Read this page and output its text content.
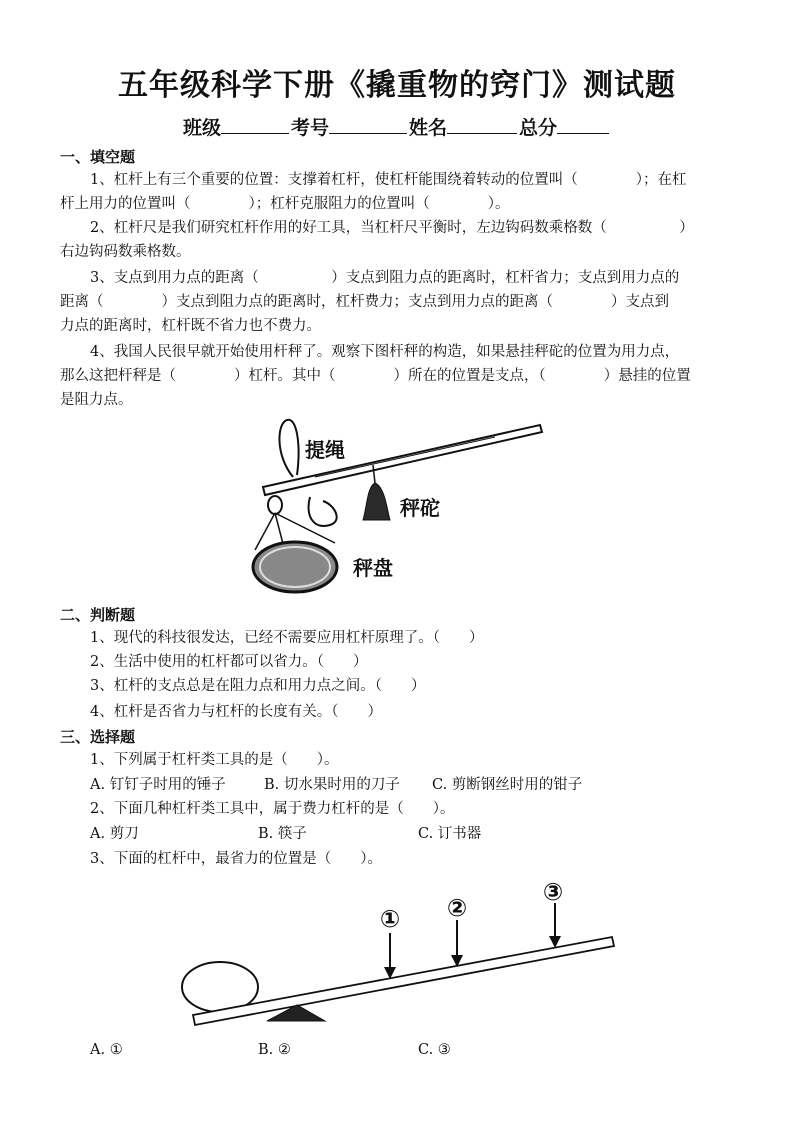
五年级科学下册《撬重物的窍门》测试题
班级	考号	姓名	总分
一、填空题
1、杠杆上有三个重要的位置：支撑着杠杆，使杠杆能围绕着转动的位置叫（　　　　）；在杠
杆上用力的位置叫（　　　　）；杠杆克服阻力的位置叫（　　　　）。
2、杠杆尺是我们研究杠杆作用的好工具，当杠杆尺平衡时，左边钩码数乘格数（　　　　　）
右边钩码数乘格数。
3、支点到用力点的距离（　　　　　）支点到阻力点的距离时，杠杆省力；支点到用力点的
距离（　　　　）支点到阻力点的距离时，杠杆费力；支点到用力点的距离（　　　　）支点到
力点的距离时，杠杆既不省力也不费力。
4、我国人民很早就开始使用杆秤了。观察下图杆秤的构造，如果悬挂秤砣的位置为用力点，
那么这把杆秤是（　　　　）杠杆。其中（　　　　）所在的位置是支点，（　　　　）悬挂的位置
是阻力点。
提绳
秤砣
秤盘
二、判断题
1、现代的科技很发达，已经不需要应用杠杆原理了。（　　）
2、生活中使用的杠杆都可以省力。（　　）
3、杠杆的支点总是在阻力点和用力点之间。（　　）
4、杠杆是否省力与杠杆的长度有关。（　　）
三、选择题
1、下列属于杠杆类工具的是（　　）。
A. 钉钉子时用的锤子	B. 切水果时用的刀子	C. 剪断钢丝时用的钳子
2、下面几种杠杆类工具中，属于费力杠杆的是（　　）。
A. 剪刀	B. 筷子	C. 订书器
3、下面的杠杆中，最省力的位置是（　　）。
① ②
③
A. ①	B. ②	C. ③
